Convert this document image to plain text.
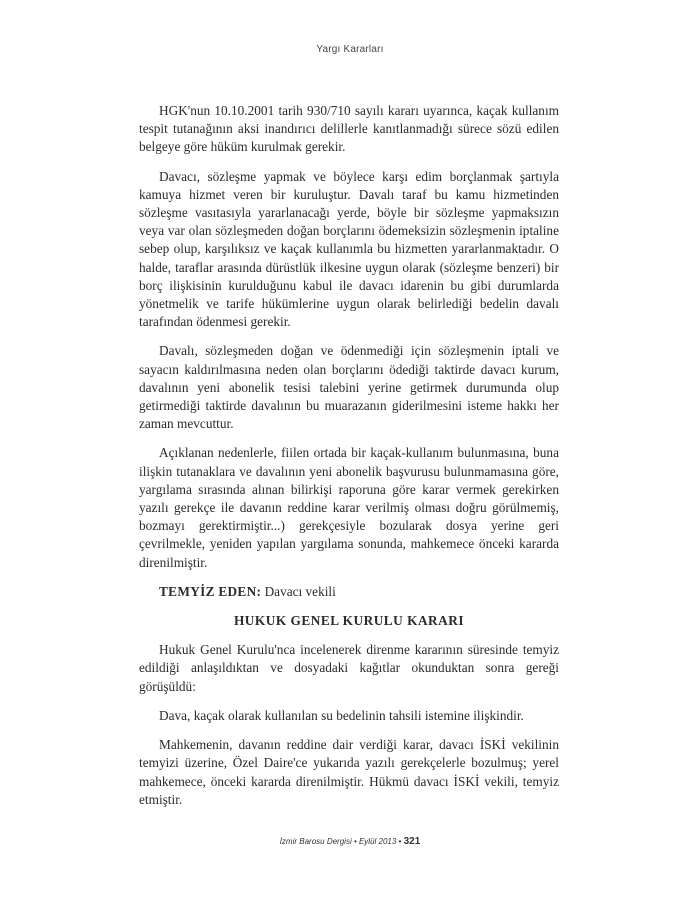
Yargı Kararları

HGK'nun 10.10.2001 tarih 930/710 sayılı kararı uyarınca, kaçak kullanım tespit tutanağının aksi inandırıcı delillerle kanıtlanmadığı sürece sözü edilen belgeye göre hüküm kurulmak gerekir.

Davacı, sözleşme yapmak ve böylece karşı edim borçlanmak şartıyla kamuya hizmet veren bir kuruluştur. Davalı taraf bu kamu hizmetinden sözleşme vasıtasıyla yararlanacağı yerde, böyle bir sözleşme yapmaksızın veya var olan sözleşmeden doğan borçlarını ödemeksizin sözleşmenin iptaline sebep olup, karşılıksız ve kaçak kullanımla bu hizmetten yararlanmaktadır. O halde, taraflar arasında dürüstlük ilkesine uygun olarak (sözleşme benzeri) bir borç ilişkisinin kurulduğunu kabul ile davacı idarenin bu gibi durumlarda yönetmelik ve tarife hükümlerine uygun olarak belirlediği bedelin davalı tarafından ödenmesi gerekir.

Davalı, sözleşmeden doğan ve ödenmediği için sözleşmenin iptali ve sayacın kaldırılmasına neden olan borçlarını ödediği taktirde davacı kurum, davalının yeni abonelik tesisi talebini yerine getirmek durumunda olup getirmediği taktirde davalının bu muarazanın giderilmesini isteme hakkı her zaman mevcuttur.

Açıklanan nedenlerle, fiilen ortada bir kaçak-kullanım bulunmasına, buna ilişkin tutanaklara ve davalının yeni abonelik başvurusu bulunmamasına göre, yargılama sırasında alınan bilirkişi raporuna göre karar vermek gerekirken yazılı gerekçe ile davanın reddine karar verilmiş olması doğru görülmemiş, bozmayı gerektirmiştir...) gerekçesiyle bozularak dosya yerine geri çevrilmekle, yeniden yapılan yargılama sonunda, mahkemece önceki kararda direnilmiştir.

TEMYİZ EDEN: Davacı vekili
HUKUK GENEL KURULU KARARI

Hukuk Genel Kurulu'nca incelenerek direnme kararının süresinde temyiz edildiği anlaşıldıktan ve dosyadaki kağıtlar okunduktan sonra gereği görüşüldü:

Dava, kaçak olarak kullanılan su bedelinin tahsili istemine ilişkindir.

Mahkemenin, davanın reddine dair verdiği karar, davacı İSKİ vekilinin temyizi üzerine, Özel Daire'ce yukarıda yazılı gerekçelerle bozulmuş; yerel mahkemece, önceki kararda direnilmiştir. Hükmü davacı İSKİ vekili, temyiz etmiştir.

İzmir Barosu Dergisi • Eylül 2013 • 321
